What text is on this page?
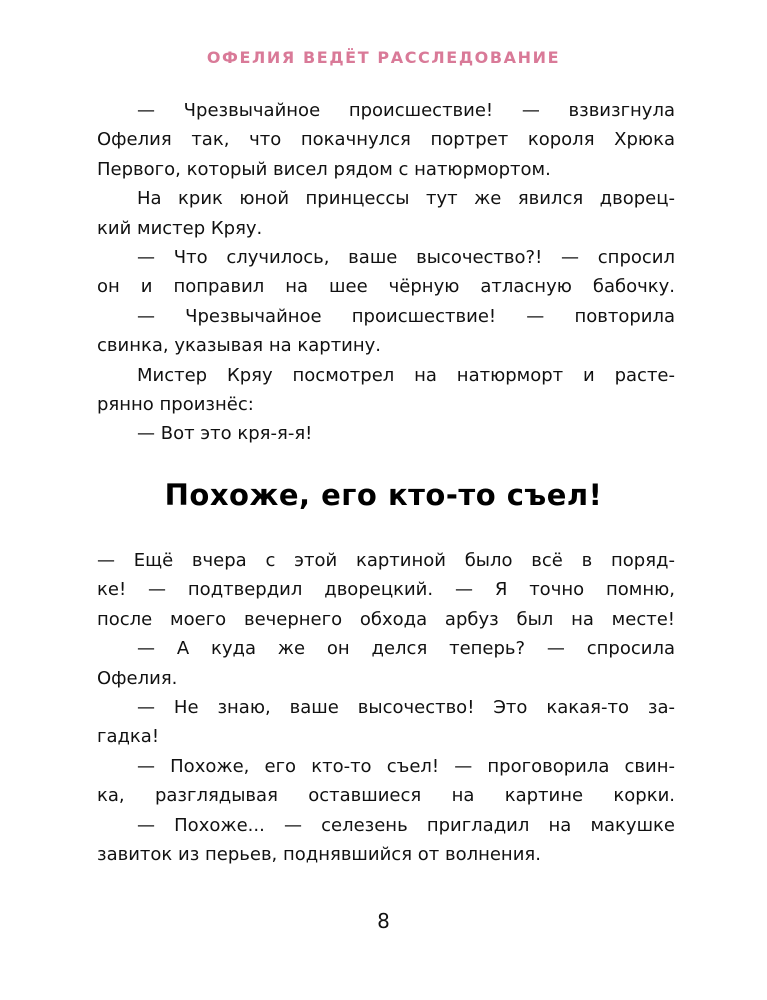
ОФЕЛИЯ ВЕДЁТ РАССЛЕДОВАНИЕ
— Чрезвычайное происшествие! — взвизгнула
Офелия так, что покачнулся портрет короля Хрюка
Первого, который висел рядом с натюрмортом.
На крик юной принцессы тут же явился дворец-
кий мистер Кряу.
— Что случилось, ваше высочество?! — спросил
он и поправил на шее чёрную атласную бабочку.
— Чрезвычайное происшествие! — повторила
свинка, указывая на картину.
Мистер Кряу посмотрел на натюрморт и расте-
рянно произнёс:
— Вот это кря-я-я!
Похоже, его кто-то съел!
— Ещё вчера с этой картиной было всё в поряд-
ке! — подтвердил дворецкий. — Я точно помню,
после моего вечернего обхода арбуз был на месте!
— А куда же он делся теперь? — спросила
Офелия.
— Не знаю, ваше высочество! Это какая-то за-
гадка!
— Похоже, его кто-то съел! — проговорила свин-
ка, разглядывая оставшиеся на картине корки.
— Похоже... — селезень пригладил на макушке
завиток из перьев, поднявшийся от волнения.
8
